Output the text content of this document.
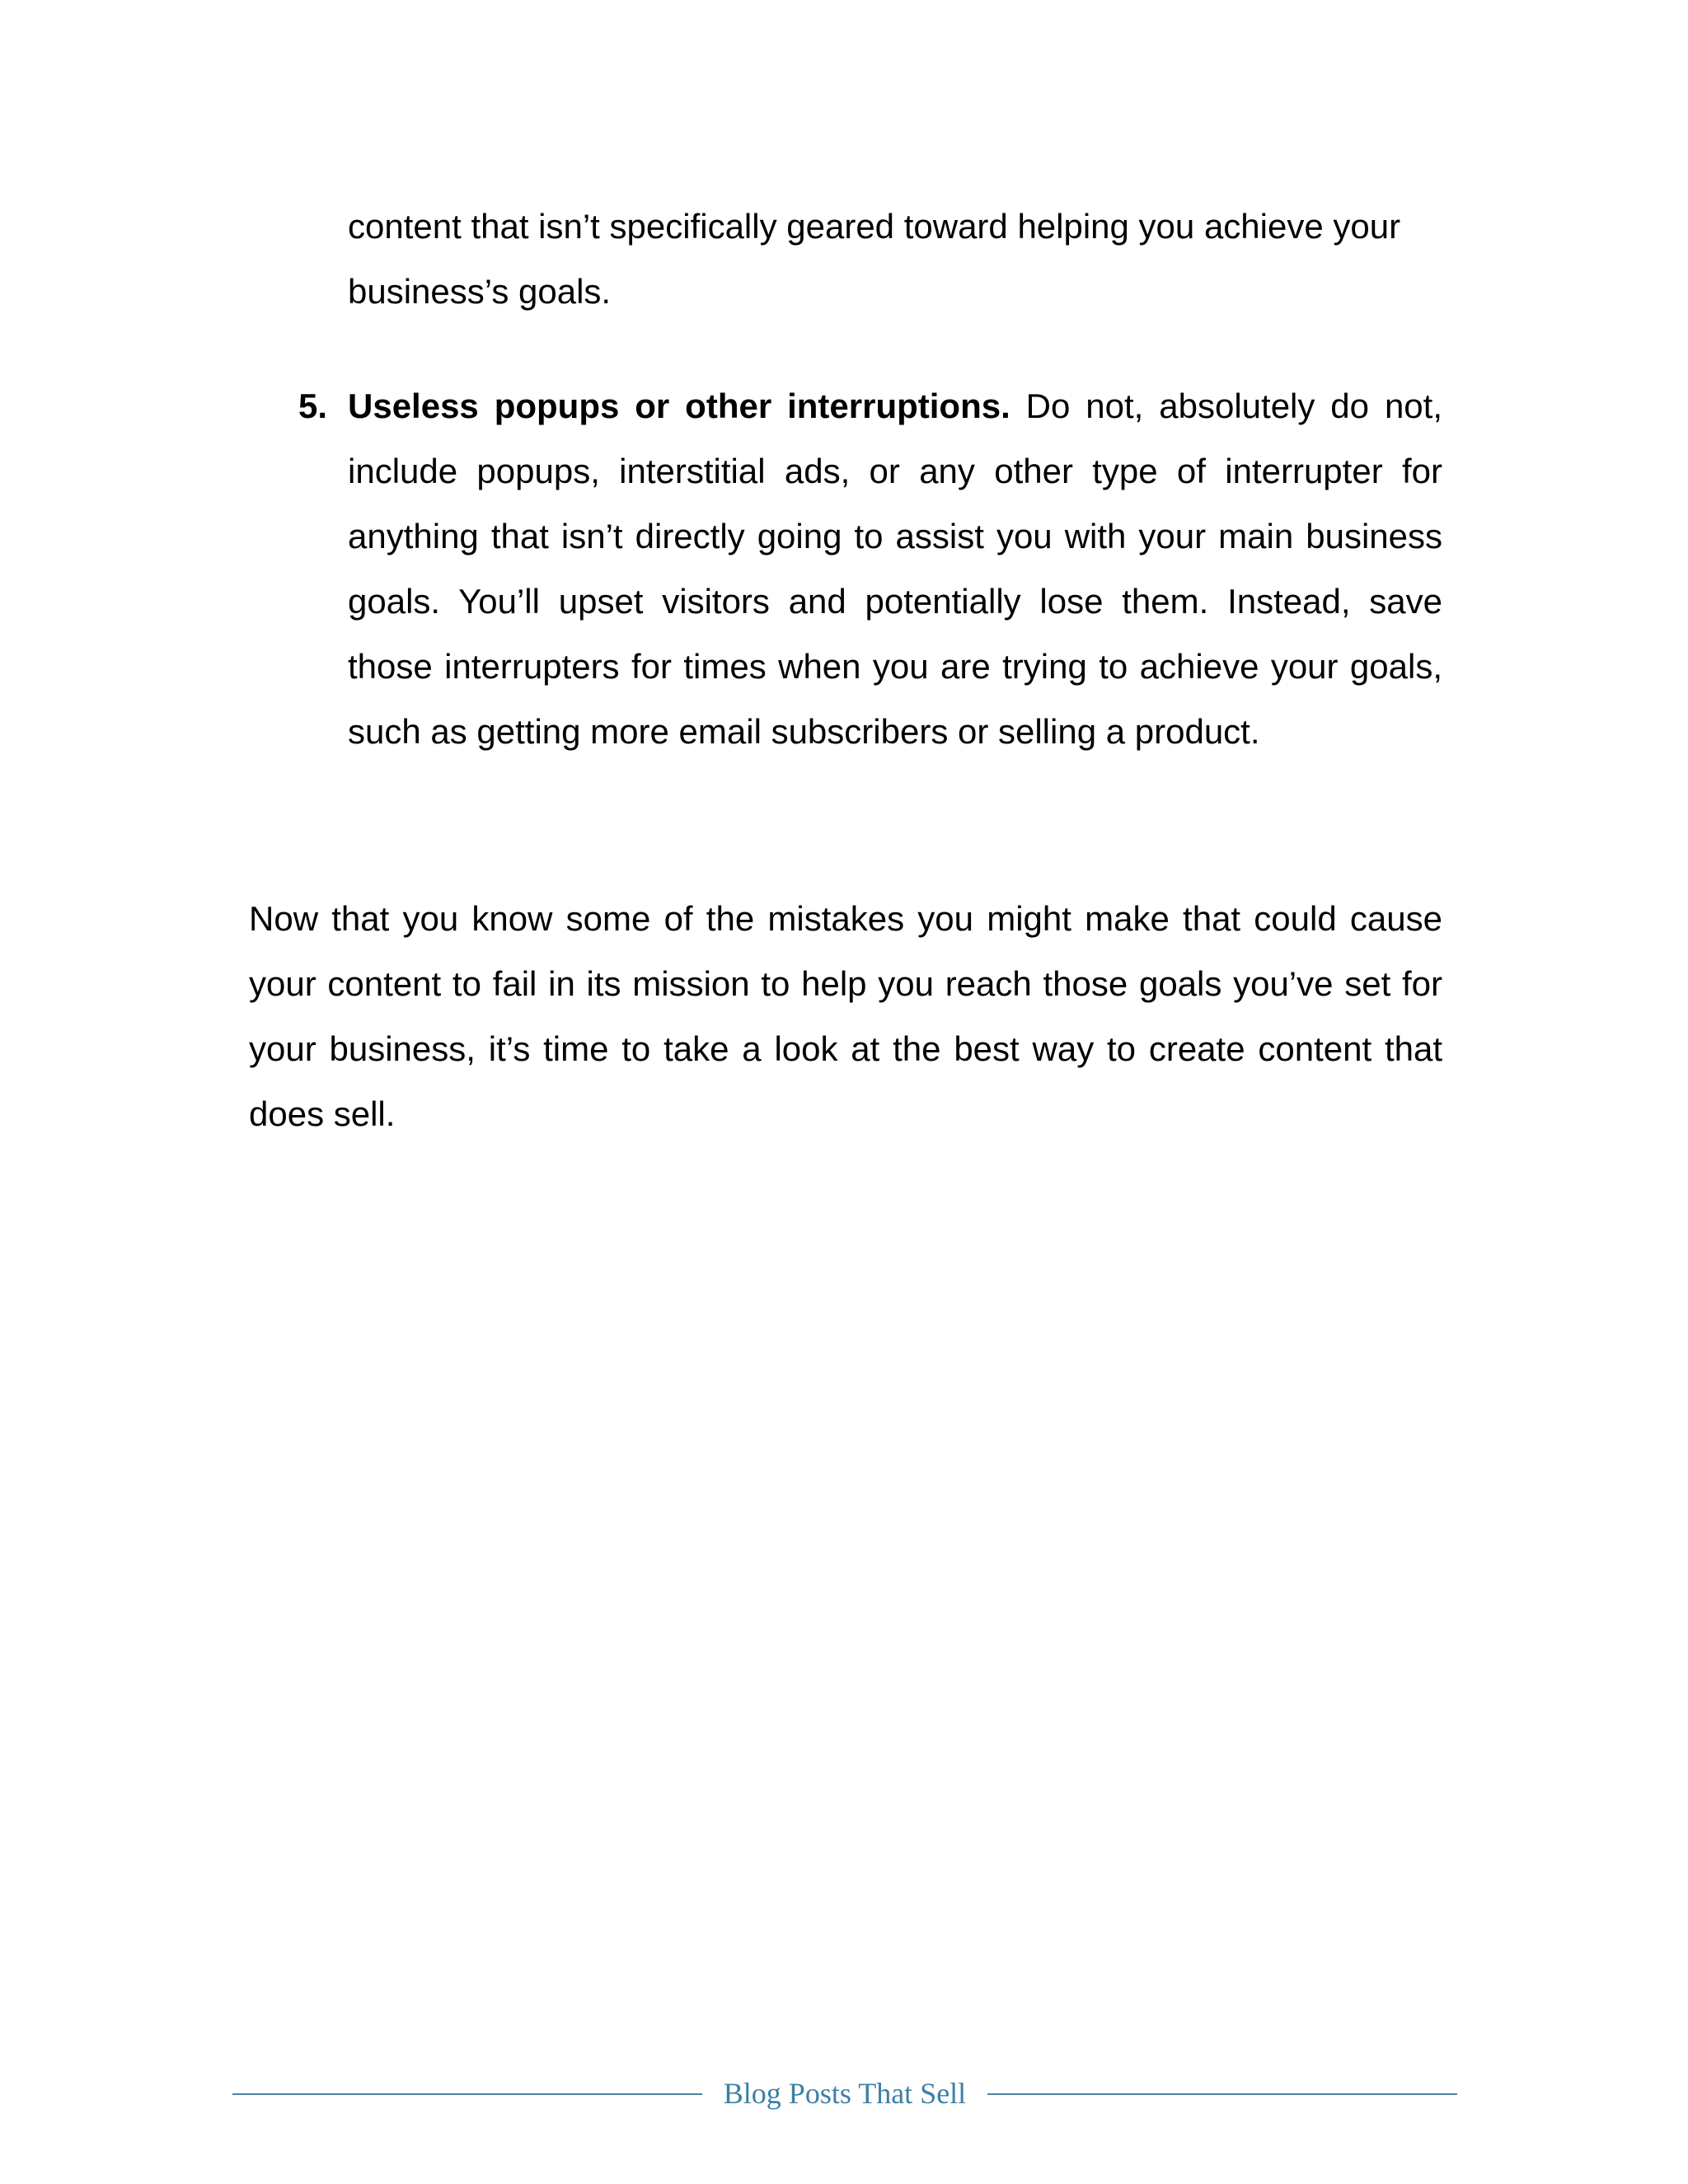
content that isn’t specifically geared toward helping you achieve your business’s goals.

5. Useless popups or other interruptions. Do not, absolutely do not, include popups, interstitial ads, or any other type of interrupter for anything that isn’t directly going to assist you with your main business goals. You’ll upset visitors and potentially lose them. Instead, save those interrupters for times when you are trying to achieve your goals, such as getting more email subscribers or selling a product.

Now that you know some of the mistakes you might make that could cause your content to fail in its mission to help you reach those goals you’ve set for your business, it’s time to take a look at the best way to create content that does sell.

Blog Posts That Sell
